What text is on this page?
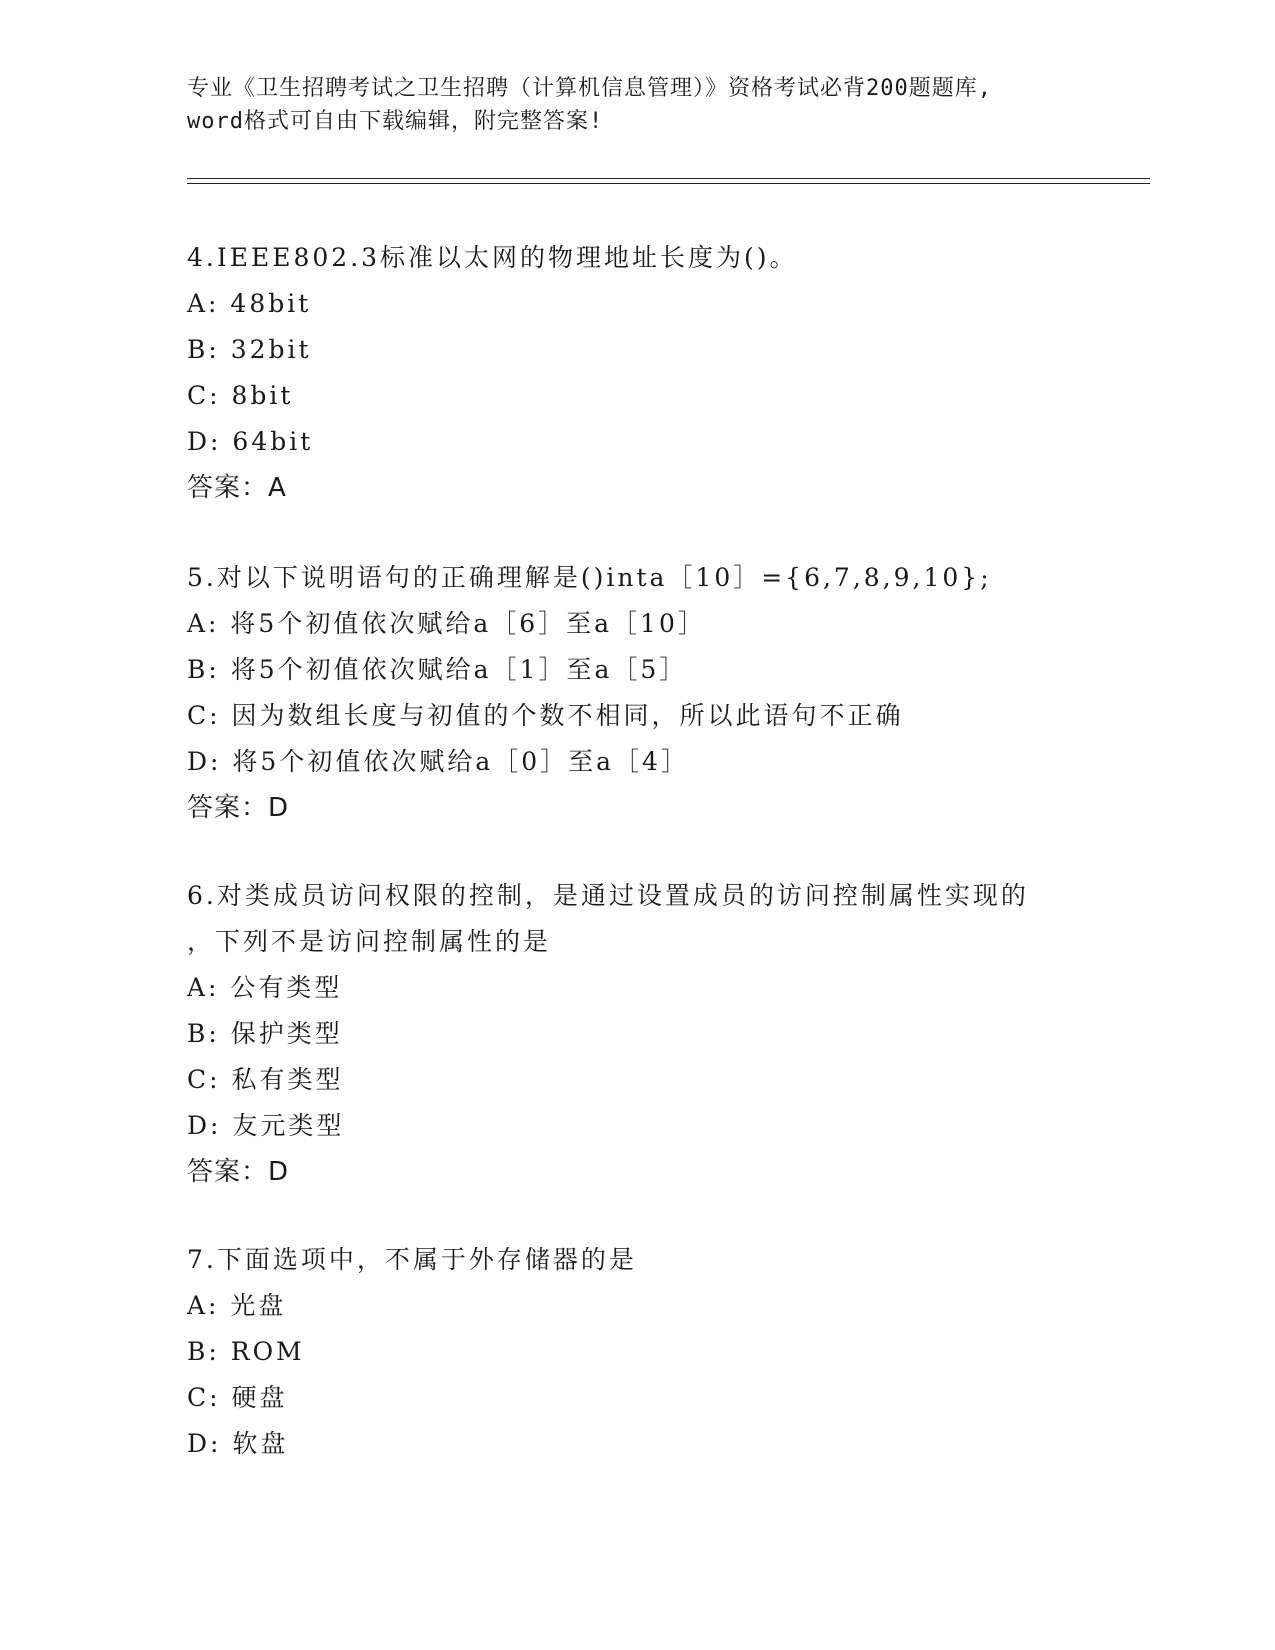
专业《卫生招聘考试之卫生招聘（计算机信息管理）》资格考试必背200题题库,
word格式可自由下载编辑，附完整答案!
4.IEEE802.3标准以太网的物理地址长度为()。
A: 48bit
B: 32bit
C: 8bit
D: 64bit
答案：A
5.对以下说明语句的正确理解是()inta［10］={6,7,8,9,10};
A: 将5个初值依次赋给a［6］至a［10］
B: 将5个初值依次赋给a［1］至a［5］
C: 因为数组长度与初值的个数不相同，所以此语句不正确
D: 将5个初值依次赋给a［0］至a［4］
答案：D
6.对类成员访问权限的控制，是通过设置成员的访问控制属性实现的
，下列不是访问控制属性的是
A: 公有类型
B: 保护类型
C: 私有类型
D: 友元类型
答案：D
7.下面选项中，不属于外存储器的是
A: 光盘
B: ROM
C: 硬盘
D: 软盘
